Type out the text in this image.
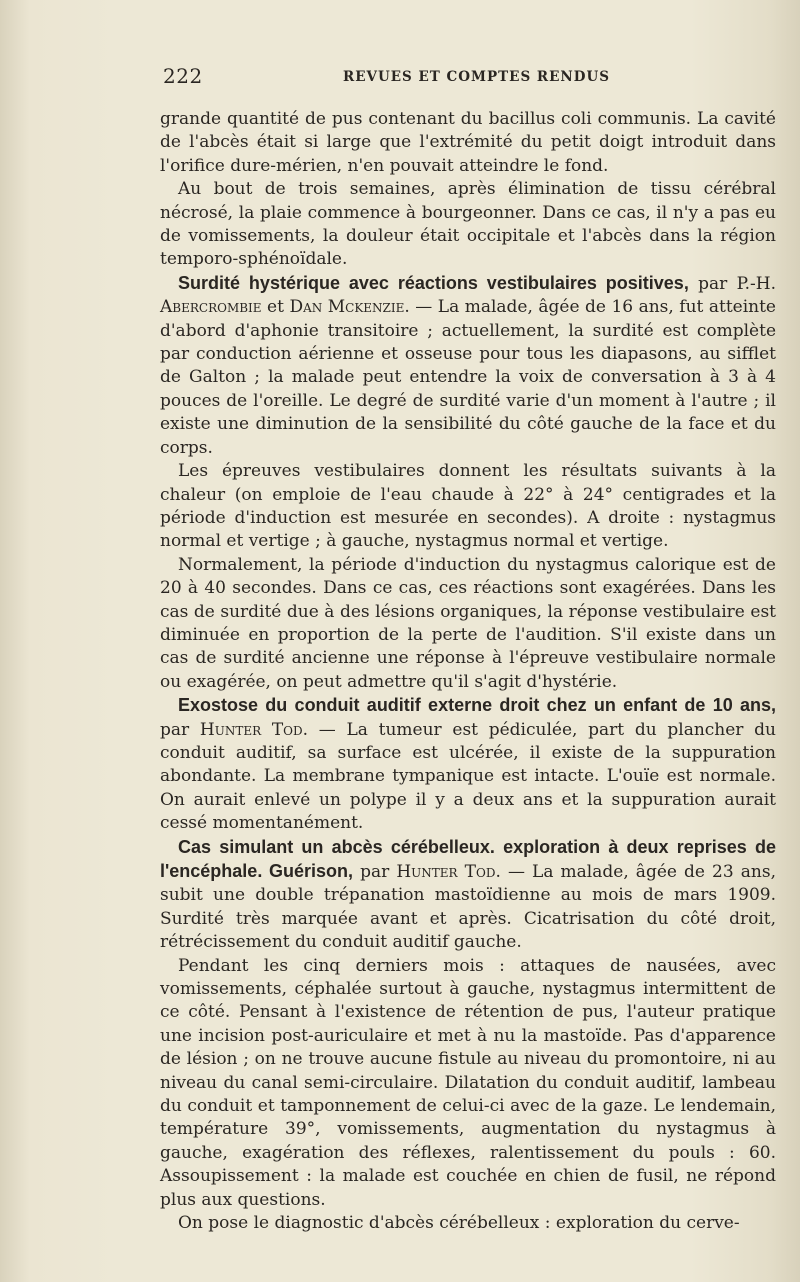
222	REVUES ET COMPTES RENDUS

grande quantité de pus contenant du bacillus coli communis. La cavité de l'abcès était si large que l'extrémité du petit doigt introduit dans l'orifice dure-mérien, n'en pouvait atteindre le fond.

Au bout de trois semaines, après élimination de tissu cérébral nécrosé, la plaie commence à bourgeonner. Dans ce cas, il n'y a pas eu de vomissements, la douleur était occipitale et l'abcès dans la région temporo-sphénoïdale.

Surdité hystérique avec réactions vestibulaires positives, par P.-H. Abercrombie et Dan Mckenzie. — La malade, âgée de 16 ans, fut atteinte d'abord d'aphonie transitoire ; actuellement, la surdité est complète par conduction aérienne et osseuse pour tous les diapasons, au sifflet de Galton ; la malade peut entendre la voix de conversation à 3 à 4 pouces de l'oreille. Le degré de surdité varie d'un moment à l'autre ; il existe une diminution de la sensibilité du côté gauche de la face et du corps.

Les épreuves vestibulaires donnent les résultats suivants à la chaleur (on emploie de l'eau chaude à 22° à 24° centigrades et la période d'induction est mesurée en secondes). A droite : nystagmus normal et vertige ; à gauche, nystagmus normal et vertige.

Normalement, la période d'induction du nystagmus calorique est de 20 à 40 secondes. Dans ce cas, ces réactions sont exagérées. Dans les cas de surdité due à des lésions organiques, la réponse vestibulaire est diminuée en proportion de la perte de l'audition. S'il existe dans un cas de surdité ancienne une réponse à l'épreuve vestibulaire normale ou exagérée, on peut admettre qu'il s'agit d'hystérie.

Exostose du conduit auditif externe droit chez un enfant de 10 ans, par Hunter Tod. — La tumeur est pédiculée, part du plancher du conduit auditif, sa surface est ulcérée, il existe de la suppuration abondante. La membrane tympanique est intacte. L'ouïe est normale. On aurait enlevé un polype il y a deux ans et la suppuration aurait cessé momentanément.

Cas simulant un abcès cérébelleux. exploration à deux reprises de l'encéphale. Guérison, par Hunter Tod. — La malade, âgée de 23 ans, subit une double trépanation mastoïdienne au mois de mars 1909. Surdité très marquée avant et après. Cicatrisation du côté droit, rétrécissement du conduit auditif gauche.

Pendant les cinq derniers mois : attaques de nausées, avec vomissements, céphalée surtout à gauche, nystagmus intermittent de ce côté. Pensant à l'existence de rétention de pus, l'auteur pratique une incision post-auriculaire et met à nu la mastoïde. Pas d'apparence de lésion ; on ne trouve aucune fistule au niveau du promontoire, ni au niveau du canal semi-circulaire. Dilatation du conduit auditif, lambeau du conduit et tamponnement de celui-ci avec de la gaze. Le lendemain, température 39°, vomissements, augmentation du nystagmus à gauche, exagération des réflexes, ralentissement du pouls : 60. Assoupissement : la malade est couchée en chien de fusil, ne répond plus aux questions.

On pose le diagnostic d'abcès cérébelleux : exploration du cerve-
